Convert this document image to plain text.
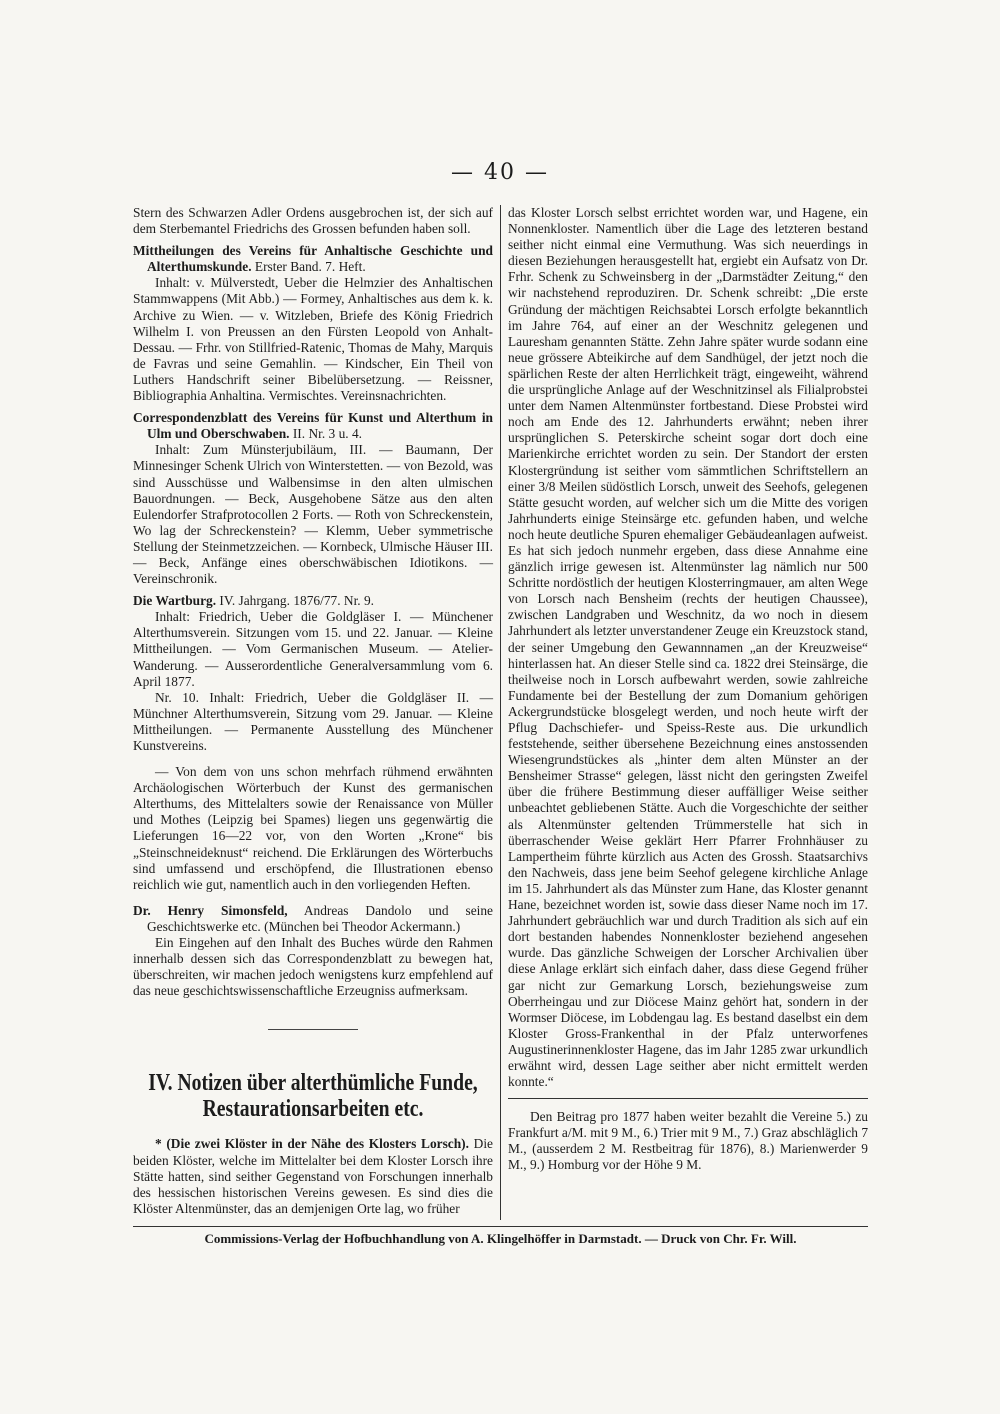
— 40 —

Stern des Schwarzen Adler Ordens ausgebrochen ist, der sich auf dem Sterbemantel Friedrichs des Grossen befunden haben soll.

Mittheilungen des Vereins für Anhaltische Geschichte und Alterthumskunde. Erster Band. 7. Heft.

Inhalt: v. Mülverstedt, Ueber die Helmzier des Anhaltischen Stammwappens (Mit Abb.) — Formey, Anhaltisches aus dem k. k. Archive zu Wien. — v. Witzleben, Briefe des König Friedrich Wilhelm I. von Preussen an den Fürsten Leopold von Anhalt-Dessau. — Frhr. von Stillfried-Ratenic, Thomas de Mahy, Marquis de Favras und seine Gemahlin. — Kindscher, Ein Theil von Luthers Handschrift seiner Bibelübersetzung. — Reissner, Bibliographia Anhaltina. Vermischtes. Vereinsnachrichten.

Correspondenzblatt des Vereins für Kunst und Alterthum in Ulm und Oberschwaben. II. Nr. 3 u. 4.

Inhalt: Zum Münsterjubiläum, III. — Baumann, Der Minnesinger Schenk Ulrich von Winterstetten. — von Bezold, was sind Ausschüsse und Walbensimse in den alten ulmischen Bauordnungen. — Beck, Ausgehobene Sätze aus den alten Eulendorfer Strafprotocollen 2 Forts. — Roth von Schreckenstein, Wo lag der Schreckenstein? — Klemm, Ueber symmetrische Stellung der Steinmetzzeichen. — Kornbeck, Ulmische Häuser III. — Beck, Anfänge eines oberschwäbischen Idiotikons. — Vereinschronik.

Die Wartburg. IV. Jahrgang. 1876/77. Nr. 9.

Inhalt: Friedrich, Ueber die Goldgläser I. — Münchener Alterthumsverein. Sitzungen vom 15. und 22. Januar. — Kleine Mittheilungen. — Vom Germanischen Museum. — Atelier-Wanderung. — Ausserordentliche Generalversammlung vom 6. April 1877.

Nr. 10. Inhalt: Friedrich, Ueber die Goldgläser II. — Münchner Alterthumsverein, Sitzung vom 29. Januar. — Kleine Mittheilungen. — Permanente Ausstellung des Münchener Kunstvereins.

— Von dem von uns schon mehrfach rühmend erwähnten Archäologischen Wörterbuch der Kunst des germanischen Alterthums, des Mittelalters sowie der Renaissance von Müller und Mothes (Leipzig bei Spames) liegen uns gegenwärtig die Lieferungen 16—22 vor, von den Worten „Krone“ bis „Steinschneideknust“ reichend. Die Erklärungen des Wörterbuchs sind umfassend und erschöpfend, die Illustrationen ebenso reichlich wie gut, namentlich auch in den vorliegenden Heften.

Dr. Henry Simonsfeld, Andreas Dandolo und seine Geschichtswerke etc. (München bei Theodor Ackermann.)

Ein Eingehen auf den Inhalt des Buches würde den Rahmen innerhalb dessen sich das Correspondenzblatt zu bewegen hat, überschreiten, wir machen jedoch wenigstens kurz empfehlend auf das neue geschichtswissenschaftliche Erzeugniss aufmerksam.

IV. Notizen über alterthümliche Funde, Restaurationsarbeiten etc.

* (Die zwei Klöster in der Nähe des Klosters Lorsch). Die beiden Klöster, welche im Mittelalter bei dem Kloster Lorsch ihre Stätte hatten, sind seither Gegenstand von Forschungen innerhalb des hessischen historischen Vereins gewesen. Es sind dies die Klöster Altenmünster, das an demjenigen Orte lag, wo früher

das Kloster Lorsch selbst errichtet worden war, und Hagene, ein Nonnenkloster. Namentlich über die Lage des letzteren bestand seither nicht einmal eine Vermuthung. Was sich neuerdings in diesen Beziehungen herausgestellt hat, ergiebt ein Aufsatz von Dr. Frhr. Schenk zu Schweinsberg in der „Darmstädter Zeitung,“ den wir nachstehend reproduziren. Dr. Schenk schreibt: „Die erste Gründung der mächtigen Reichsabtei Lorsch erfolgte bekanntlich im Jahre 764, auf einer an der Weschnitz gelegenen und Lauresham genannten Stätte. Zehn Jahre später wurde sodann eine neue grössere Abteikirche auf dem Sandhügel, der jetzt noch die spärlichen Reste der alten Herrlichkeit trägt, eingeweiht, während die ursprüngliche Anlage auf der Weschnitzinsel als Filialprobstei unter dem Namen Altenmünster fortbestand. Diese Probstei wird noch am Ende des 12. Jahrhunderts erwähnt; neben ihrer ursprünglichen S. Peterskirche scheint sogar dort doch eine Marienkirche errichtet worden zu sein. Der Standort der ersten Klostergründung ist seither vom sämmtlichen Schriftstellern an einer 3/8 Meilen südöstlich Lorsch, unweit des Seehofs, gelegenen Stätte gesucht worden, auf welcher sich um die Mitte des vorigen Jahrhunderts einige Steinsärge etc. gefunden haben, und welche noch heute deutliche Spuren ehemaliger Gebäudeanlagen aufweist. Es hat sich jedoch nunmehr ergeben, dass diese Annahme eine gänzlich irrige gewesen ist. Altenmünster lag nämlich nur 500 Schritte nordöstlich der heutigen Klosterringmauer, am alten Wege von Lorsch nach Bensheim (rechts der heutigen Chaussee), zwischen Landgraben und Weschnitz, da wo noch in diesem Jahrhundert als letzter unverstandener Zeuge ein Kreuzstock stand, der seiner Umgebung den Gewannnamen „an der Kreuzweise“ hinterlassen hat. An dieser Stelle sind ca. 1822 drei Steinsärge, die theilweise noch in Lorsch aufbewahrt werden, sowie zahlreiche Fundamente bei der Bestellung der zum Domanium gehörigen Ackergrundstücke blosgelegt werden, und noch heute wirft der Pflug Dachschiefer- und Speiss-Reste aus. Die urkundlich feststehende, seither übersehene Bezeichnung eines anstossenden Wiesengrundstückes als „hinter dem alten Münster an der Bensheimer Strasse“ gelegen, lässt nicht den geringsten Zweifel über die frühere Bestimmung dieser auffälliger Weise seither unbeachtet gebliebenen Stätte. Auch die Vorgeschichte der seither als Altenmünster geltenden Trümmerstelle hat sich in überraschender Weise geklärt Herr Pfarrer Frohnhäuser zu Lampertheim führte kürzlich aus Acten des Grossh. Staatsarchivs den Nachweis, dass jene beim Seehof gelegene kirchliche Anlage im 15. Jahrhundert als das Münster zum Hane, das Kloster genannt Hane, bezeichnet worden ist, sowie dass dieser Name noch im 17. Jahrhundert gebräuchlich war und durch Tradition als sich auf ein dort bestanden habendes Nonnenkloster beziehend angesehen wurde. Das gänzliche Schweigen der Lorscher Archivalien über diese Anlage erklärt sich einfach daher, dass diese Gegend früher gar nicht zur Gemarkung Lorsch, beziehungsweise zum Oberrheingau und zur Diöcese Mainz gehört hat, sondern in der Wormser Diöcese, im Lobdengau lag. Es bestand daselbst ein dem Kloster Gross-Frankenthal in der Pfalz unterworfenes Augustinerinnenkloster Hagene, das im Jahr 1285 zwar urkundlich erwähnt wird, dessen Lage seither aber nicht ermittelt werden konnte.“

Den Beitrag pro 1877 haben weiter bezahlt die Vereine 5.) zu Frankfurt a/M. mit 9 M., 6.) Trier mit 9 M., 7.) Graz abschläglich 7 M., (ausserdem 2 M. Restbeitrag für 1876), 8.) Marienwerder 9 M., 9.) Homburg vor der Höhe 9 M.

Commissions-Verlag der Hofbuchhandlung von A. Klingelhöffer in Darmstadt. — Druck von Chr. Fr. Will.
